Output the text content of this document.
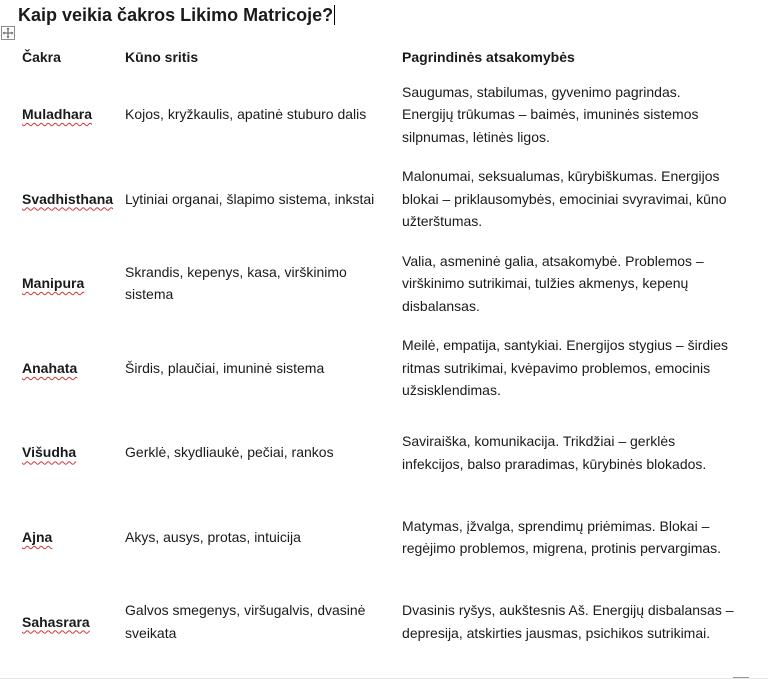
Kaip veikia čakros Likimo Matricoje?
Čakra	Kūno sritis	Pagrindinės atsakomybės
Muladhara	Kojos, kryžkaulis, apatinė stuburo dalis	Saugumas, stabilumas, gyvenimo pagrindas. Energijų trūkumas – baimės, imuninės sistemos silpnumas, lėtinės ligos.
Svadhisthana	Lytiniai organai, šlapimo sistema, inkstai	Malonumai, seksualumas, kūrybiškumas. Energijos blokai – priklausomybės, emociniai svyravimai, kūno užterštumas.
Manipura	Skrandis, kepenys, kasa, virškinimo sistema	Valia, asmeninė galia, atsakomybė. Problemos – virškinimo sutrikimai, tulžies akmenys, kepenų disbalansas.
Anahata	Širdis, plaučiai, imuninė sistema	Meilė, empatija, santykiai. Energijos stygius – širdies ritmas sutrikimai, kvėpavimo problemos, emocinis užsisklendimas.
Višudha	Gerklė, skydliaukė, pečiai, rankos	Saviraiška, komunikacija. Trikdžiai – gerklės infekcijos, balso praradimas, kūrybinės blokados.
Ajna	Akys, ausys, protas, intuicija	Matymas, įžvalga, sprendimų priėmimas. Blokai – regėjimo problemos, migrena, protinis pervargimas.
Sahasrara	Galvos smegenys, viršugalvis, dvasinė sveikata	Dvasinis ryšys, aukštesnis Aš. Energijų disbalansas – depresija, atskirties jausmas, psichikos sutrikimai.
